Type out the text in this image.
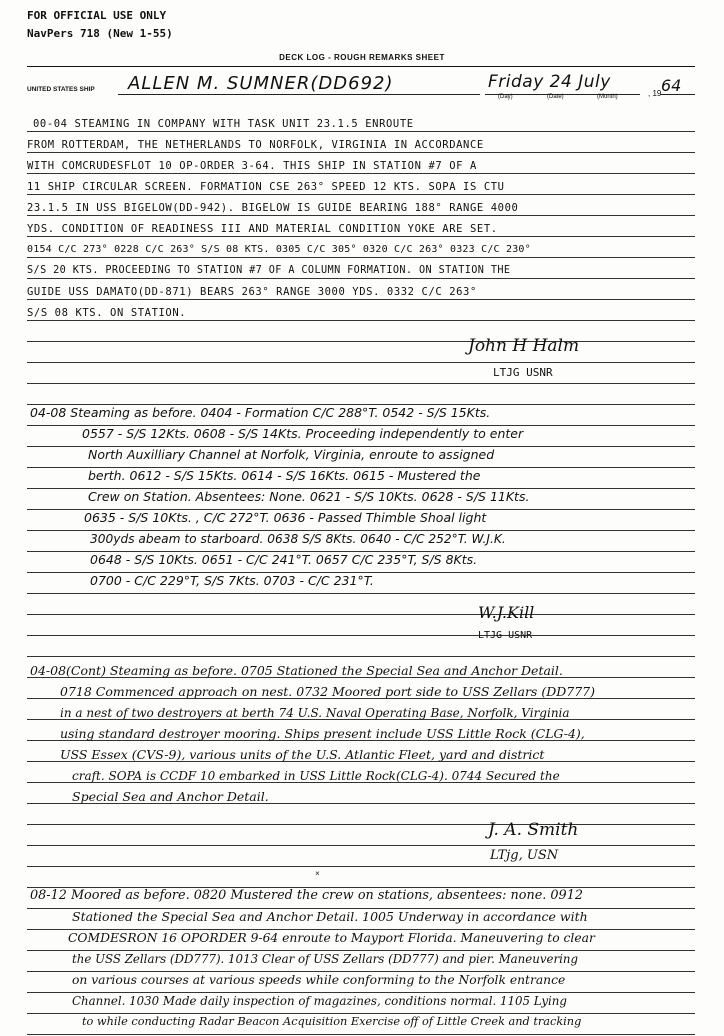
FOR OFFICIAL USE ONLY
NavPers 718 (New 1-55)
DECK LOG - ROUGH REMARKS SHEET
UNITED STATES SHIP ALLEN M. SUMNER(DD692)	Friday 24 July
(Day)	(Date)	(Month)	, 19 64
00-04 STEAMING IN COMPANY WITH TASK UNIT 23.1.5 ENROUTE
FROM ROTTERDAM, THE NETHERLANDS TO NORFOLK, VIRGINIA IN ACCORDANCE
WITH COMCRUDESFLOT 10 OP-ORDER 3-64. THIS SHIP IN STATION #7 OF A
11 SHIP CIRCULAR SCREEN. FORMATION CSE 263° SPEED 12 KTS. SOPA IS CTU
23.1.5 IN USS BIGELOW(DD-942). BIGELOW IS GUIDE BEARING 188° RANGE 4000
YDS. CONDITION OF READINESS III AND MATERIAL CONDITION YOKE ARE SET.
0154 C/C 273° 0228 C/C 263° S/S 08 KTS. 0305 C/C 305° 0320 C/C 263° 0323 C/C 230°
S/S 20 KTS. PROCEEDING TO STATION #7 OF A COLUMN FORMATION. ON STATION THE
GUIDE USS DAMATO(DD-871) BEARS 263° RANGE 3000 YDS. 0332 C/C 263°
S/S 08 KTS. ON STATION.
John H Halm
LTJG USNR
04-08 Steaming as before. 0404 - Formation C/C 288°T. 0542 - S/S 15Kts.
0557 - S/S 12Kts. 0608 - S/S 14Kts. Proceeding independently to enter
North Auxilliary Channel at Norfolk, Virginia, enroute to assigned
berth. 0612 - S/S 15Kts. 0614 - S/S 16Kts. 0615 - Mustered the
Crew on Station. Absentees: None. 0621 - S/S 10Kts. 0628 - S/S 11Kts.
0635 - S/S 10Kts. , C/C 272°T. 0636 - Passed Thimble Shoal light
300yds abeam to starboard. 0638 S/S 8Kts. 0640 - C/C 252°T. W.J.K.
0648 - S/S 10Kts. 0651 - C/C 241°T. 0657 C/C 235°T, S/S 8Kts.
0700 - C/C 229°T, S/S 7Kts. 0703 - C/C 231°T.
W.J.Kill
LTJG USNR
04-08(Cont) Steaming as before. 0705 Stationed the Special Sea and Anchor Detail.
0718 Commenced approach on nest. 0732 Moored port side to USS Zellars (DD777)
in a nest of two destroyers at berth 74 U.S. Naval Operating Base, Norfolk, Virginia
using standard destroyer mooring. Ships present include USS Little Rock (CLG-4),
USS Essex (CVS-9), various units of the U.S. Atlantic Fleet, yard and district
craft. SOPA is CCDF 10 embarked in USS Little Rock(CLG-4). 0744 Secured the
Special Sea and Anchor Detail.
J. A. Smith
LTjg, USN
×
08-12 Moored as before. 0820 Mustered the crew on stations, absentees: none. 0912
Stationed the Special Sea and Anchor Detail. 1005 Underway in accordance with
COMDESRON 16 OPORDER 9-64 enroute to Mayport Florida. Maneuvering to clear
the USS Zellars (DD777). 1013 Clear of USS Zellars (DD777) and pier. Maneuvering
on various courses at various speeds while conforming to the Norfolk entrance
Channel. 1030 Made daily inspection of magazines, conditions normal. 1105 Lying
to while conducting Radar Beacon Acquisition Exercise off of Little Creek and tracking
